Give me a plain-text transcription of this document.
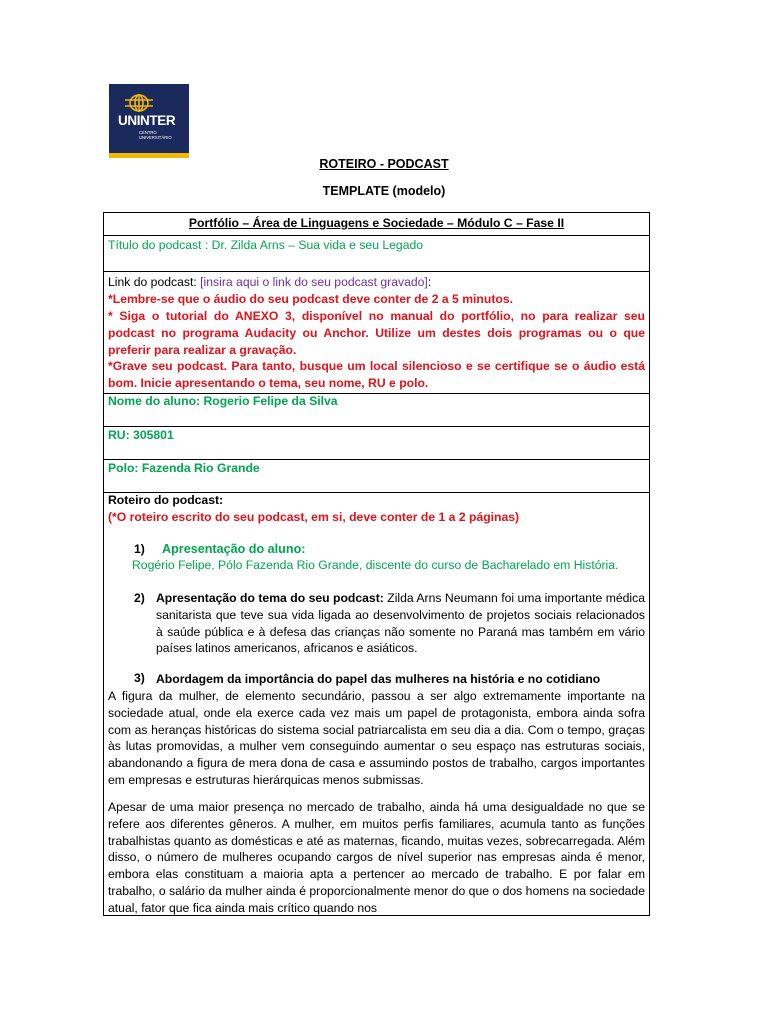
UNINTER
CENTRO
UNIVERSITÁRIO
ROTEIRO - PODCAST
TEMPLATE (modelo)
Portfólio – Área de Linguagens e Sociedade – Módulo C – Fase II
Título do podcast : Dr. Zilda Arns – Sua vida e seu Legado
Link do podcast: [insira aqui o link do seu podcast gravado]:
*Lembre-se que o áudio do seu podcast deve conter de 2 a 5 minutos.
* Siga o tutorial do ANEXO 3, disponível no manual do portfólio, no para realizar seu podcast no programa Audacity ou Anchor. Utilize um destes dois programas ou o que preferir para realizar a gravação.
*Grave seu podcast. Para tanto, busque um local silencioso e se certifique se o áudio está bom. Inicie apresentando o tema, seu nome, RU e polo.
Nome do aluno: Rogerio Felipe da Silva
RU: 305801
Polo: Fazenda Rio Grande
Roteiro do podcast:
(*O roteiro escrito do seu podcast, em si, deve conter de 1 a 2 páginas)
1) Apresentação do aluno:
Rogério Felipe, Pólo Fazenda Rio Grande, discente do curso de Bacharelado em História.
2) Apresentação do tema do seu podcast: Zilda Arns Neumann foi uma importante médica sanitarista que teve sua vida ligada ao desenvolvimento de projetos sociais relacionados à saúde pública e à defesa das crianças não somente no Paraná mas também em vário países latinos americanos, africanos e asiáticos.
3) Abordagem da importância do papel das mulheres na história e no cotidiano
A figura da mulher, de elemento secundário, passou a ser algo extremamente importante na sociedade atual, onde ela exerce cada vez mais um papel de protagonista, embora ainda sofra com as heranças históricas do sistema social patriarcalista em seu dia a dia. Com o tempo, graças às lutas promovidas, a mulher vem conseguindo aumentar o seu espaço nas estruturas sociais, abandonando a figura de mera dona de casa e assumindo postos de trabalho, cargos importantes em empresas e estruturas hierárquicas menos submissas.
Apesar de uma maior presença no mercado de trabalho, ainda há uma desigualdade no que se refere aos diferentes gêneros. A mulher, em muitos perfis familiares, acumula tanto as funções trabalhistas quanto as domésticas e até as maternas, ficando, muitas vezes, sobrecarregada. Além disso, o número de mulheres ocupando cargos de nível superior nas empresas ainda é menor, embora elas constituam a maioria apta a pertencer ao mercado de trabalho. E por falar em trabalho, o salário da mulher ainda é proporcionalmente menor do que o dos homens na sociedade atual, fator que fica ainda mais crítico quando nos
